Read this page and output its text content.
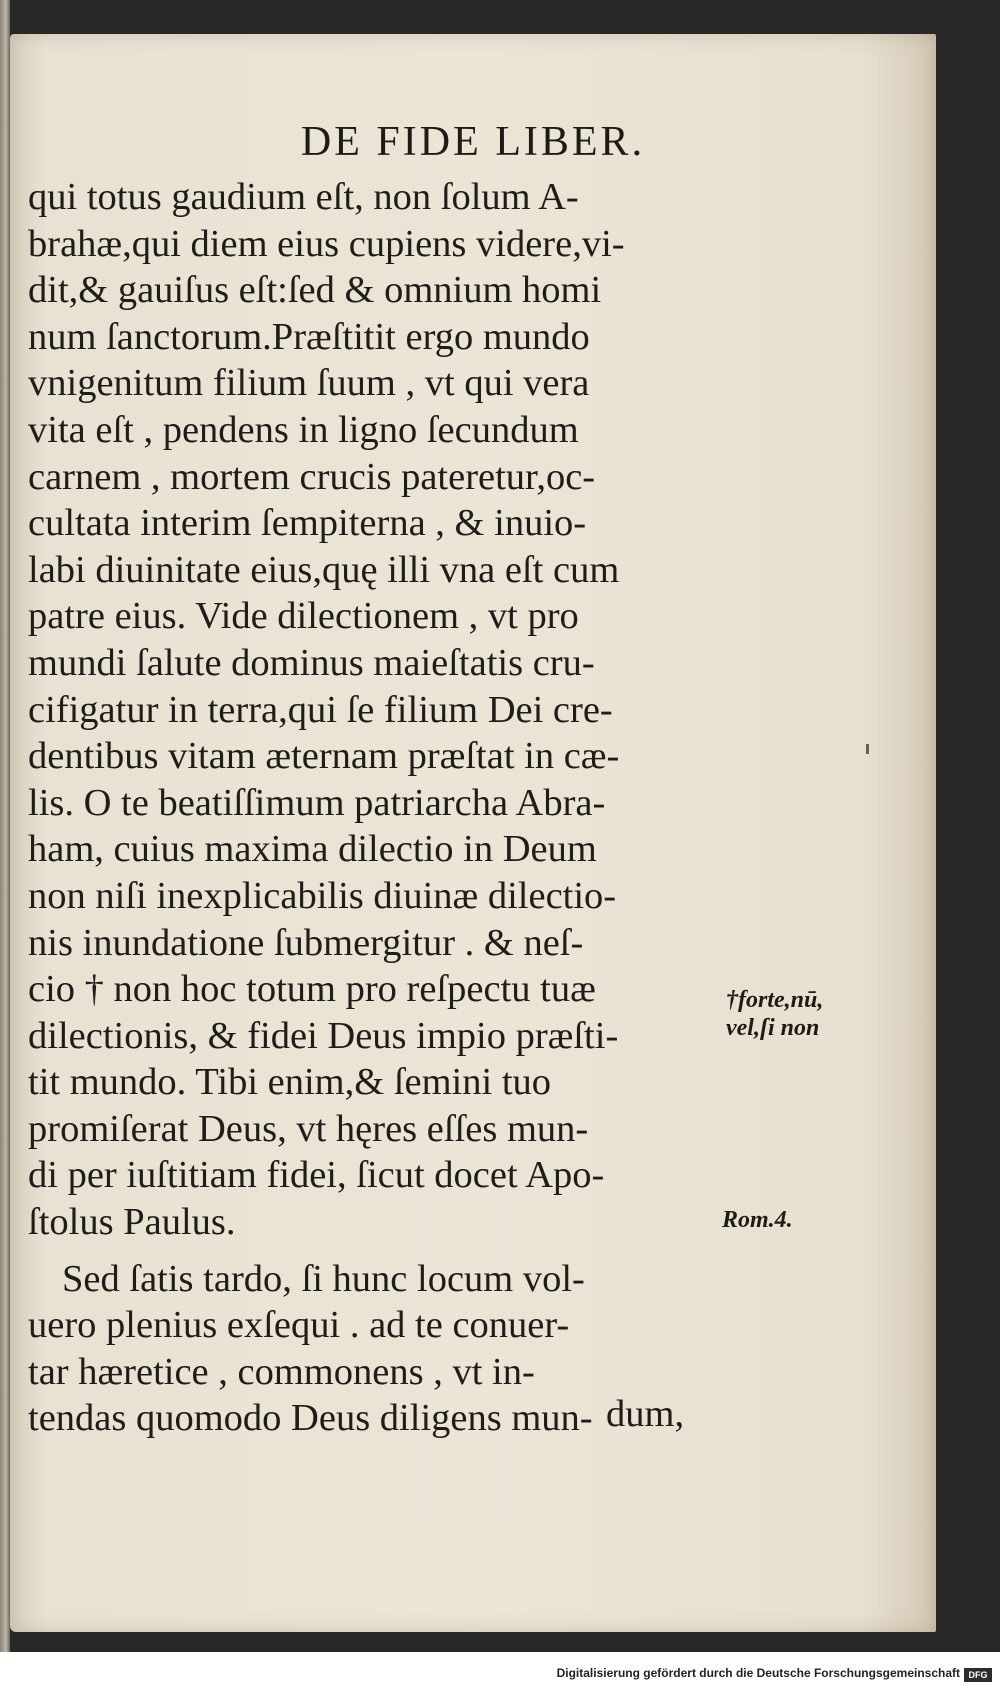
DE FIDE LIBER.
qui totus gaudium eſt, non ſolum A-
brahæ,qui diem eius cupiens videre,vi-
dit,& gauiſus eſt:ſed & omnium homi
num ſanctorum.Præſtitit ergo mundo
vnigenitum filium ſuum , vt qui vera
vita eſt , pendens in ligno ſecundum
carnem , mortem crucis pateretur,oc-
cultata interim ſempiterna , & inuio-
labi diuinitate eius,quę illi vna eſt cum
patre eius. Vide dilectionem , vt pro
mundi ſalute dominus maieſtatis cru-
cifigatur in terra,qui ſe filium Dei cre-
dentibus vitam æternam præſtat in cæ-
lis. O te beatiſſimum patriarcha Abra-
ham, cuius maxima dilectio in Deum
non niſi inexplicabilis diuinæ dilectio-
nis inundatione ſubmergitur . & neſ-
cio † non hoc totum pro reſpectu tuæ
dilectionis, & fidei Deus impio præſti-
tit mundo. Tibi enim,& ſemini tuo
promiſerat Deus, vt hęres eſſes mun-
di per iuſtitiam fidei, ſicut docet Apo-
ſtolus Paulus.
Sed ſatis tardo, ſi hunc locum vol-
uero plenius exſequi . ad te conuer-
tar hæretice , commonens , vt in-
tendas quomodo Deus diligens mun- dum,
†forte,nū,
vel,ſi non
Rom.4.
Digitalisierung gefördert durch die Deutsche Forschungsgemeinschaft DFG
